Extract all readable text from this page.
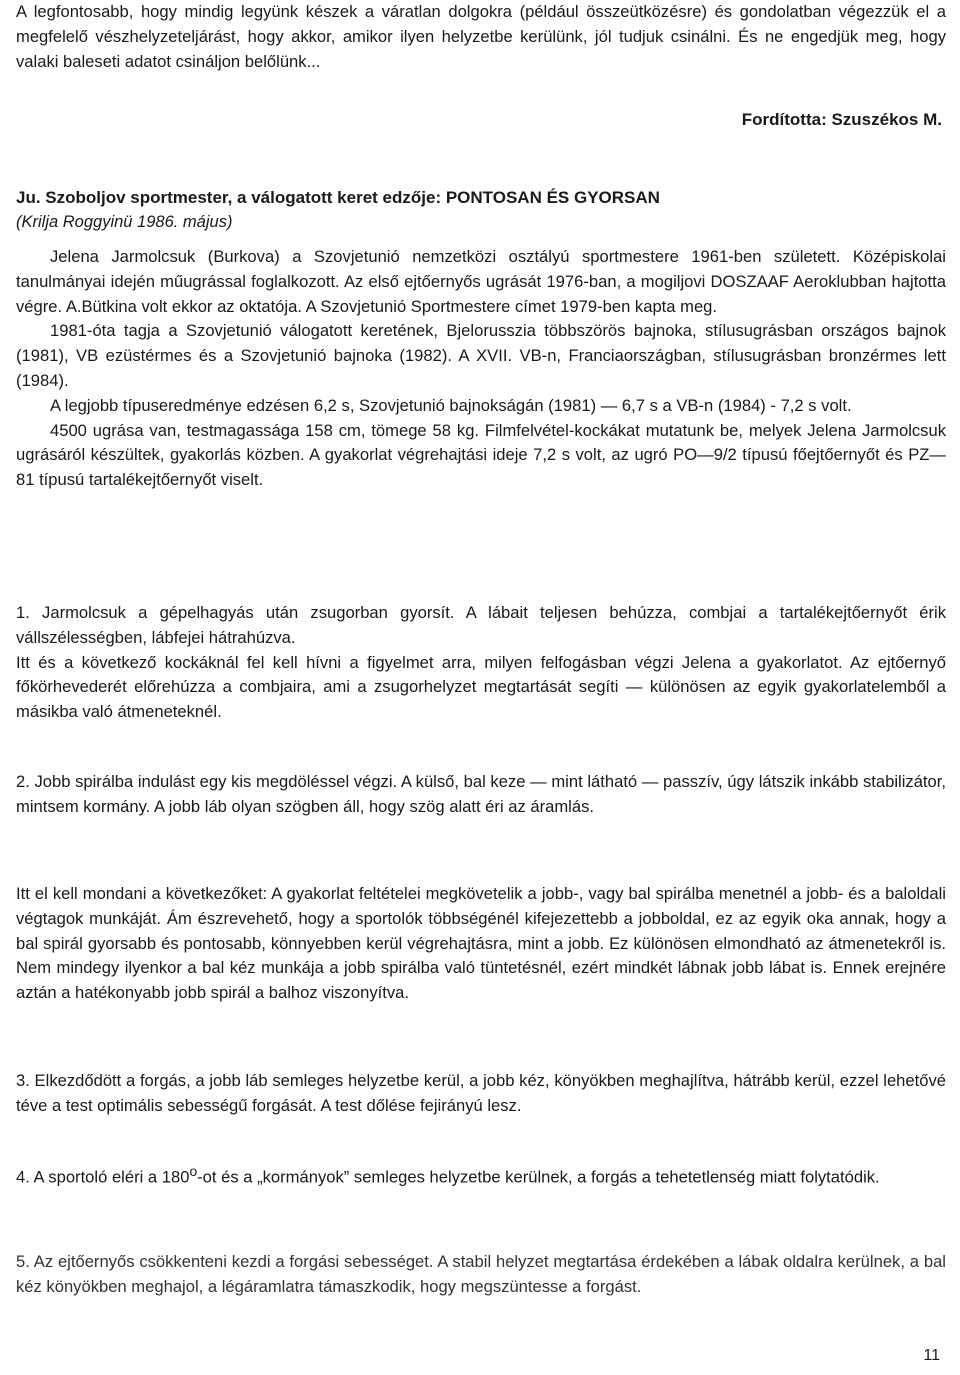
A legfontosabb, hogy mindig legyünk készek a váratlan dolgokra (például összeütközésre) és gondolatban végezzük el a megfelelő vészhelyzeteljárást, hogy akkor, amikor ilyen helyzetbe kerülünk, jól tudjuk csinálni. És ne engedjük meg, hogy valaki baleseti adatot csináljon belőlünk...

Fordította: Szuszékos M.
Ju. Szoboljov sportmester, a válogatott keret edzője: PONTOSAN ÉS GYORSAN
(Krilja Roggyinü 1986. május)

Jelena Jarmolcsuk (Burkova) a Szovjetunió nemzetközi osztályú sportmestere 1961-ben született. Középiskolai tanulmányai idején műugrással foglalkozott. Az első ejtőernyős ugrását 1976-ban, a mogiljovi DOSZAAF Aeroklubban hajtotta végre. A.Bütkina volt ekkor az oktatója. A Szovjetunió Sportmestere címet 1979-ben kapta meg.

1981-óta tagja a Szovjetunió válogatott keretének, Bjelorusszia többszörös bajnoka, stílusugrásban országos bajnok (1981), VB ezüstérmes és a Szovjetunió bajnoka (1982). A XVII. VB-n, Franciaországban, stílusugrásban bronzérmes lett (1984).

A legjobb típuseredménye edzésen 6,2 s, Szovjetunió bajnokságán (1981) — 6,7 s a VB-n (1984) - 7,2 s volt.

4500 ugrása van, testmagassága 158 cm, tömege 58 kg. Filmfelvétel-kockákat mutatunk be, melyek Jelena Jarmolcsuk ugrásáról készültek, gyakorlás közben. A gyakorlat végrehajtási ideje 7,2 s volt, az ugró PO—9/2 típusú főejtőernyőt és PZ—81 típusú tartalékejtőernyőt viselt.

1. Jarmolcsuk a gépelhagyás után zsugorban gyorsít. A lábait teljesen behúzza, combjai a tartalékejtőernyőt érik vállszélességben, lábfejei hátrahúzva.

Itt és a következő kockáknál fel kell hívni a figyelmet arra, milyen felfogásban végzi Jelena a gyakorlatot. Az ejtőernyő főkörhevederét előrehúzza a combjaira, ami a zsugorhelyzet megtartását segíti — különösen az egyik gyakorlatelemből a másikba való átmeneteknél.

2. Jobb spirálba indulást egy kis megdöléssel végzi. A külső, bal keze — mint látható — passzív, úgy látszik inkább stabilizátor, mintsem kormány. A jobb láb olyan szögben áll, hogy szög alatt éri az áramlás.

Itt el kell mondani a következőket: A gyakorlat feltételei megkövetelik a jobb-, vagy bal spirálba menetnél a jobb- és a baloldali végtagok munkáját. Ám észrevehető, hogy a sportolók többségénél kifejezettebb a jobboldal, ez az egyik oka annak, hogy a bal spirál gyorsabb és pontosabb, könnyebben kerül végrehajtásra, mint a jobb. Ez különösen elmondható az átmenetekről is. Nem mindegy ilyenkor a bal kéz munkája a jobb spirálba való tüntetésnél, ezért mindkét lábnak jobb lábat is. Ennek erejnére aztán a hatékonyabb jobb spirál a balhoz viszonyítva.

3. Elkezdődött a forgás, a jobb láb semleges helyzetbe kerül, a jobb kéz, könyökben meghajlítva, hátrább kerül, ezzel lehetővé téve a test optimális sebességű forgását. A test dőlése fejirányú lesz.

4. A sportoló eléri a 180$^o$-ot és a „kormányok” semleges helyzetbe kerülnek, a forgás a tehetetlenség miatt folytatódik.

5. Az ejtőernyős csökkenteni kezdi a forgási sebességet. A stabil helyzet megtartása érdekében a lábak oldalra kerülnek, a bal kéz könyökben meghajol, a légáramlatra támaszkodik, hogy megszüntesse a forgást.

11
